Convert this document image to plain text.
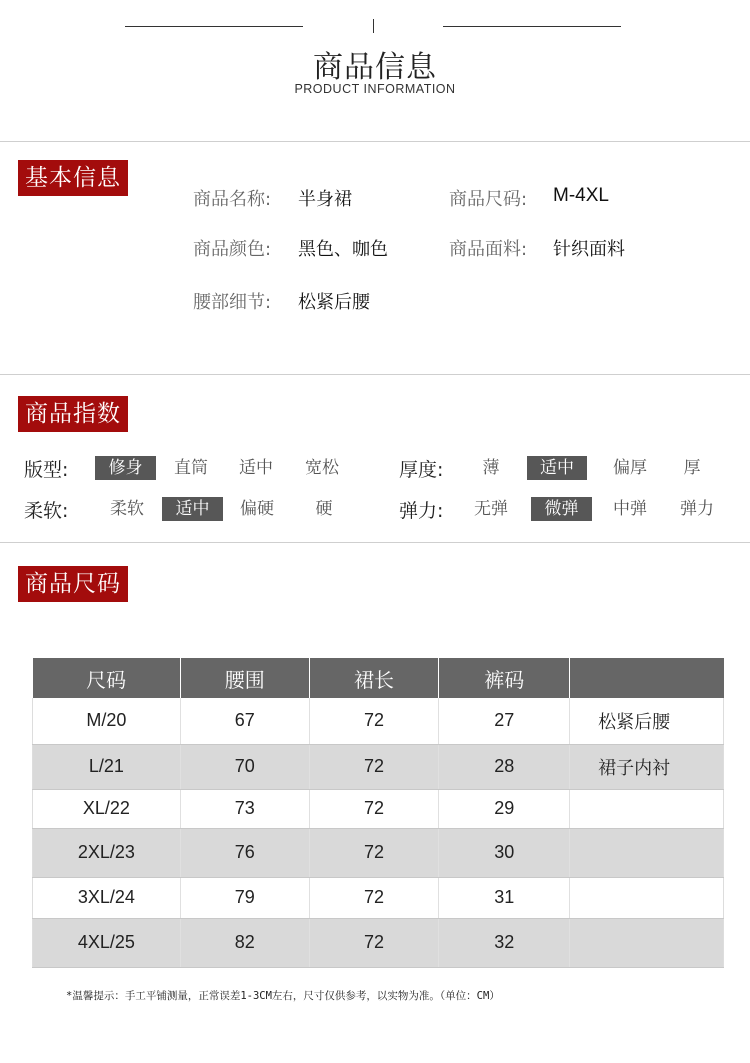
商品信息
PRODUCT INFORMATION
基本信息
商品名称: 半身裙	商品尺码: M-4XL
商品颜色: 黑色、咖色	商品面料: 针织面料
腰部细节: 松紧后腰
商品指数
版型:	修身	直筒	适中	宽松	厚度:	薄	适中	偏厚	厚
柔软:	柔软	适中	偏硬	硬	弹力:	无弹	微弹	中弹	弹力
商品尺码
尺码	腰围	裙长	裤码	
M/20	67	72	27	松紧后腰
L/21	70	72	28	裙子内衬
XL/22	73	72	29	
2XL/23	76	72	30	
3XL/24	79	72	31	
4XL/25	82	72	32	
*温馨提示：手工平铺测量，正常误差1-3CM左右，尺寸仅供参考，以实物为准。（单位：CM）
